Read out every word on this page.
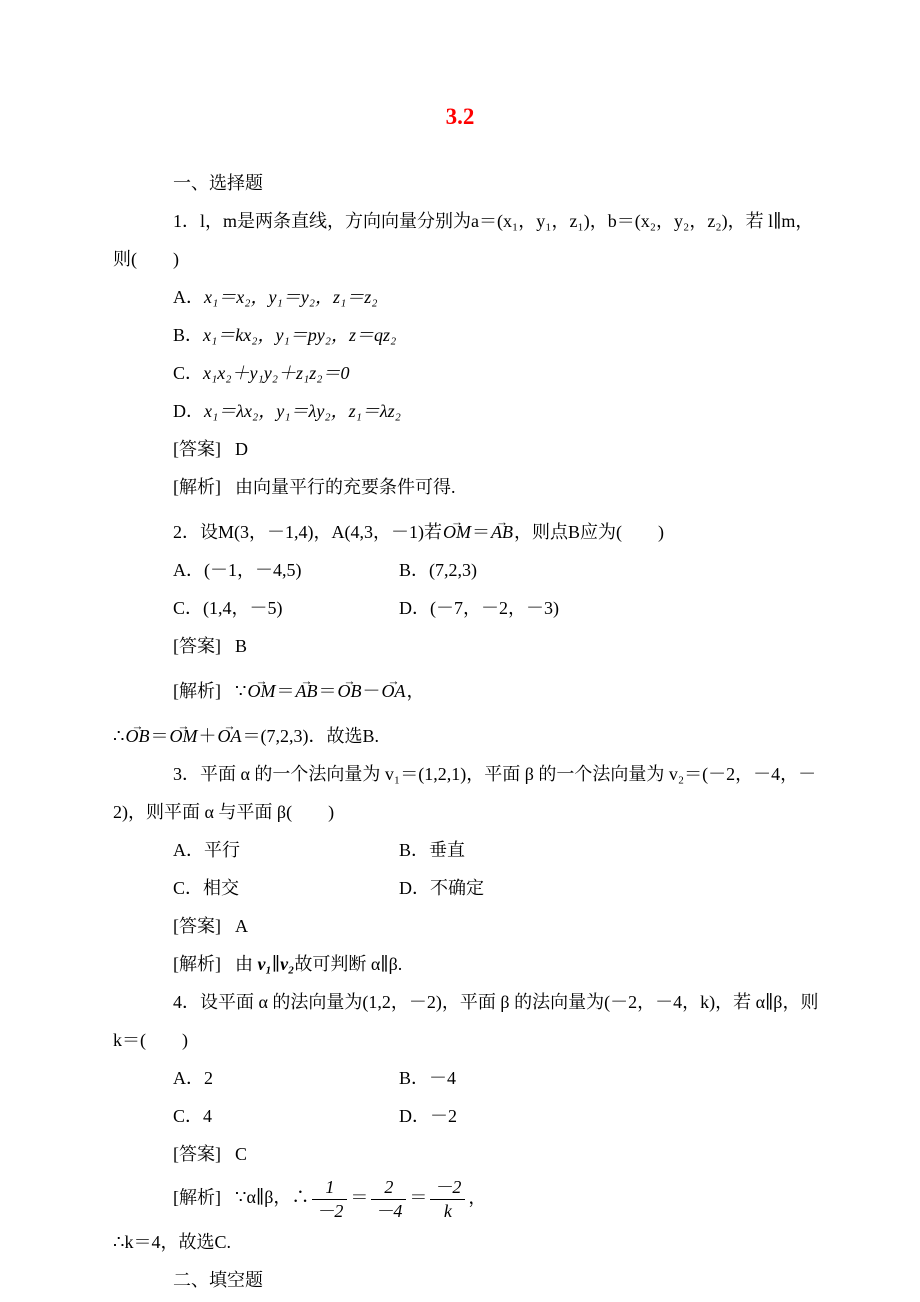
3.2

一、选择题

1．l，m是两条直线，方向向量分别为a＝(x₁，y₁，z₁)，b＝(x₂，y₂，z₂)，若 l∥m，则(　　)

A．x₁＝x₂，y₁＝y₂，z₁＝z₂

B．x₁＝kx₂，y₁＝py₂，z＝qz₂

C．x₁x₂＋y₁y₂＋z₁z₂＝0

D．x₁＝λx₂，y₁＝λy₂，z₁＝λz₂

[答案] D

[解析] 由向量平行的充要条件可得.

2．设M(3，－1,4)，A(4,3，－1)若OM →＝AB →，则点B应为(　　)

A．(－1，－4,5)	B．(7,2,3)

C．(1,4，－5)	D．(－7，－2，－3)

[答案] B

[解析] ∵OM →＝AB →＝OB →－OA →，

∴OB →＝OM →＋OA →＝(7,2,3)．故选B.

3．平面 α 的一个法向量为 v₁＝(1,2,1)，平面 β 的一个法向量为 v₂＝(－2，－4，－2)，则平面 α 与平面 β(　　)

A．平行	B．垂直

C．相交	D．不确定

[答案] A

[解析] 由 v₁∥v₂故可判断 α∥β.

4．设平面 α 的法向量为(1,2，－2)，平面 β 的法向量为(－2，－4，k)，若 α∥β，则 k＝(　　)

A．2	B．－4

C．4	D．－2

[答案] C

[解析] ∵α∥β，∴ $\frac{1}{-2} = \frac{2}{-4} = \frac{-2}{k}$ ，

∴k＝4，故选C.

二、填空题
